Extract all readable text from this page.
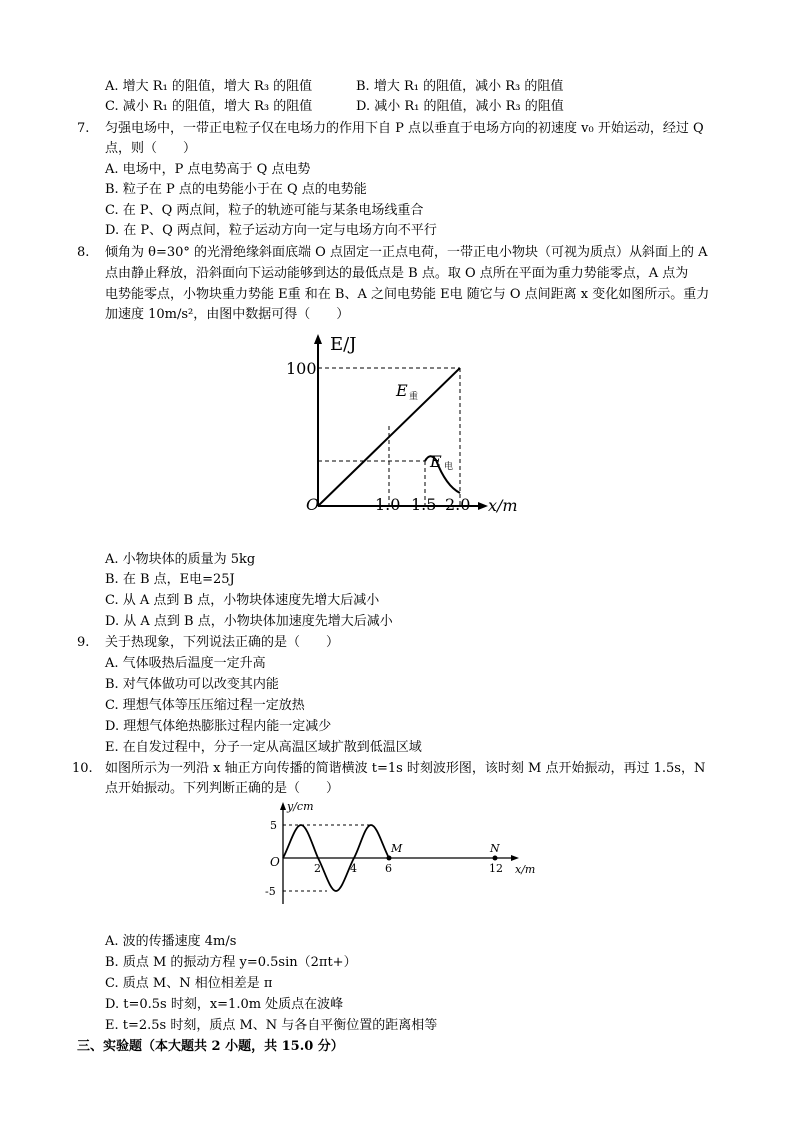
A. 增大 R₁ 的阻值，增大 R₃ 的阻值	B. 增大 R₁ 的阻值，减小 R₃ 的阻值
C. 减小 R₁ 的阻值，增大 R₃ 的阻值	D. 减小 R₁ 的阻值，减小 R₃ 的阻值
7. 匀强电场中，一带正电粒子仅在电场力的作用下自 P 点以垂直于电场方向的初速度 v₀ 开始运动，经过 Q
点，则（　　）
A. 电场中，P 点电势高于 Q 点电势
B. 粒子在 P 点的电势能小于在 Q 点的电势能
C. 在 P、Q 两点间，粒子的轨迹可能与某条电场线重合
D. 在 P、Q 两点间，粒子运动方向一定与电场方向不平行
8. 倾角为 θ=30° 的光滑绝缘斜面底端 O 点固定一正点电荷，一带正电小物块（可视为质点）从斜面上的 A
点由静止释放，沿斜面向下运动能够到达的最低点是 B 点。取 O 点所在平面为重力势能零点，A 点为
电势能零点，小物块重力势能 E重 和在 B、A 之间电势能 E电 随它与 O 点间距离 x 变化如图所示。重力
加速度 10m/s²，由图中数据可得（　　）
E/J
100
O	1.0 1.5 2.0 x/m
E 重
E 电
A. 小物块体的质量为 5kg
B. 在 B 点，E电=25J
C. 从 A 点到 B 点，小物块体速度先增大后减小
D. 从 A 点到 B 点，小物块体加速度先增大后减小
9. 关于热现象，下列说法正确的是（　　）
A. 气体吸热后温度一定升高
B. 对气体做功可以改变其内能
C. 理想气体等压压缩过程一定放热
D. 理想气体绝热膨胀过程内能一定减少
E. 在自发过程中，分子一定从高温区域扩散到低温区域
10. 如图所示为一列沿 x 轴正方向传播的简谐横波 t=1s 时刻波形图，该时刻 M 点开始振动，再过 1.5s，N
点开始振动。下列判断正确的是（　　）
y/cm
5
-5
O	2	4	6	12 x/m
M	N
A. 波的传播速度 4m/s
B. 质点 M 的振动方程 y=0.5sin（2πt+）
C. 质点 M、N 相位相差是 π
D. t=0.5s 时刻，x=1.0m 处质点在波峰
E. t=2.5s 时刻，质点 M、N 与各自平衡位置的距离相等
三、实验题（本大题共 2 小题，共 15.0 分）
